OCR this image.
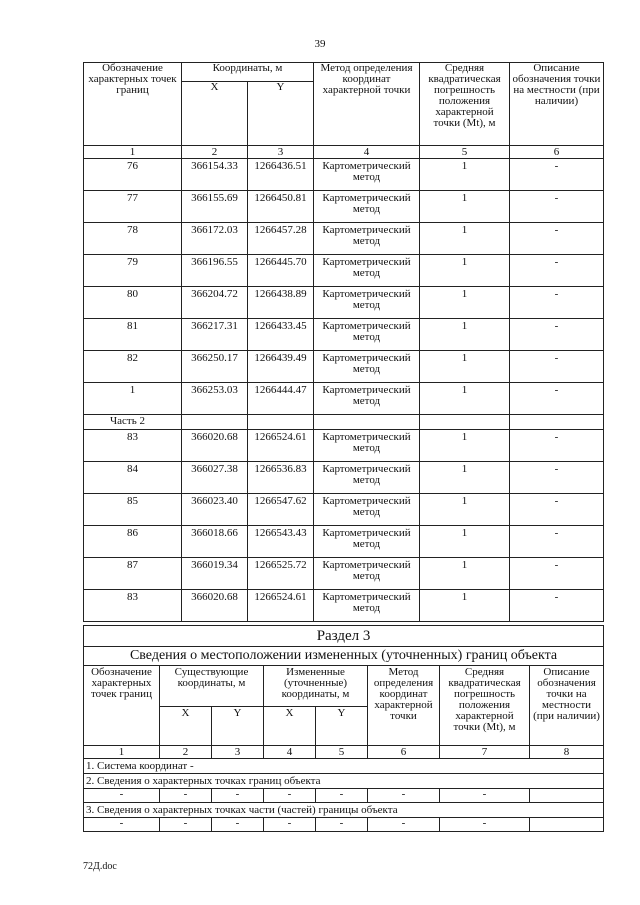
39
Обозначение характерных точек границ	Координаты, м		Метод определения координат характерной точки	Средняя квадратическая погрешность положения характерной точки (Mt), м	Описание обозначения точки на местности (при наличии)
	X	Y			
1	2	3	4	5	6
76	366154.33	1266436.51	Картометрический метод	1	-
77	366155.69	1266450.81	Картометрический метод	1	-
78	366172.03	1266457.28	Картометрический метод	1	-
79	366196.55	1266445.70	Картометрический метод	1	-
80	366204.72	1266438.89	Картометрический метод	1	-
81	366217.31	1266433.45	Картометрический метод	1	-
82	366250.17	1266439.49	Картометрический метод	1	-
1	366253.03	1266444.47	Картометрический метод	1	-
Часть 2					
83	366020.68	1266524.61	Картометрический метод	1	-
84	366027.38	1266536.83	Картометрический метод	1	-
85	366023.40	1266547.62	Картометрический метод	1	-
86	366018.66	1266543.43	Картометрический метод	1	-
87	366019.34	1266525.72	Картометрический метод	1	-
83	366020.68	1266524.61	Картометрический метод	1	-
Раздел 3							
Сведения о местоположении измененных (уточненных) границ объекта							
Обозначение характерных точек границ	Существующие координаты, м		Измененные (уточненные) координаты, м		Метод определения координат характерной точки	Средняя квадратическая погрешность положения характерной точки (Mt), м	Описание обозначения точки на местности (при наличии)
	X	Y	X	Y			
1	2	3	4	5	6	7	8
1. Система координат -							
2. Сведения о характерных точках границ объекта							
-	-	-	-	-	-	-	
3. Сведения о характерных точках части (частей) границы объекта							
-	-	-	-	-	-	-	
72Д.doc
